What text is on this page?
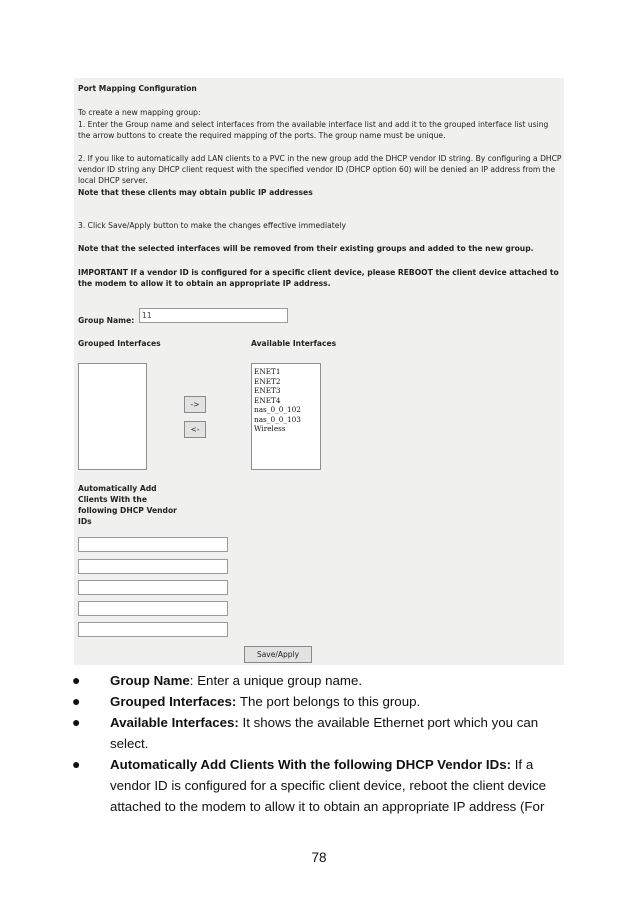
Port Mapping Configuration

To create a new mapping group:

1. Enter the Group name and select interfaces from the available interface list and add it to the grouped interface list using the arrow buttons to create the required mapping of the ports. The group name must be unique.

2. If you like to automatically add LAN clients to a PVC in the new group add the DHCP vendor ID string. By configuring a DHCP vendor ID string any DHCP client request with the specified vendor ID (DHCP option 60) will be denied an IP address from the local DHCP server.

Note that these clients may obtain public IP addresses

3. Click Save/Apply button to make the changes effective immediately

Note that the selected interfaces will be removed from their existing groups and added to the new group.

IMPORTANT If a vendor ID is configured for a specific client device, please REBOOT the client device attached to the modem to allow it to obtain an appropriate IP address.

Group Name:
11
Grouped Interfaces	Available Interfaces
->
<-
ENET1
ENET2
ENET3
ENET4
nas_0_0_102
nas_0_0_103
Wireless

Automatically Add Clients With the following DHCP Vendor IDs

Save/Apply
● Group Name: Enter a unique group name.
● Grouped Interfaces: The port belongs to this group.
● Available Interfaces: It shows the available Ethernet port which you can select.
● Automatically Add Clients With the following DHCP Vendor IDs: If a vendor ID is configured for a specific client device, reboot the client device attached to the modem to allow it to obtain an appropriate IP address (For
78
